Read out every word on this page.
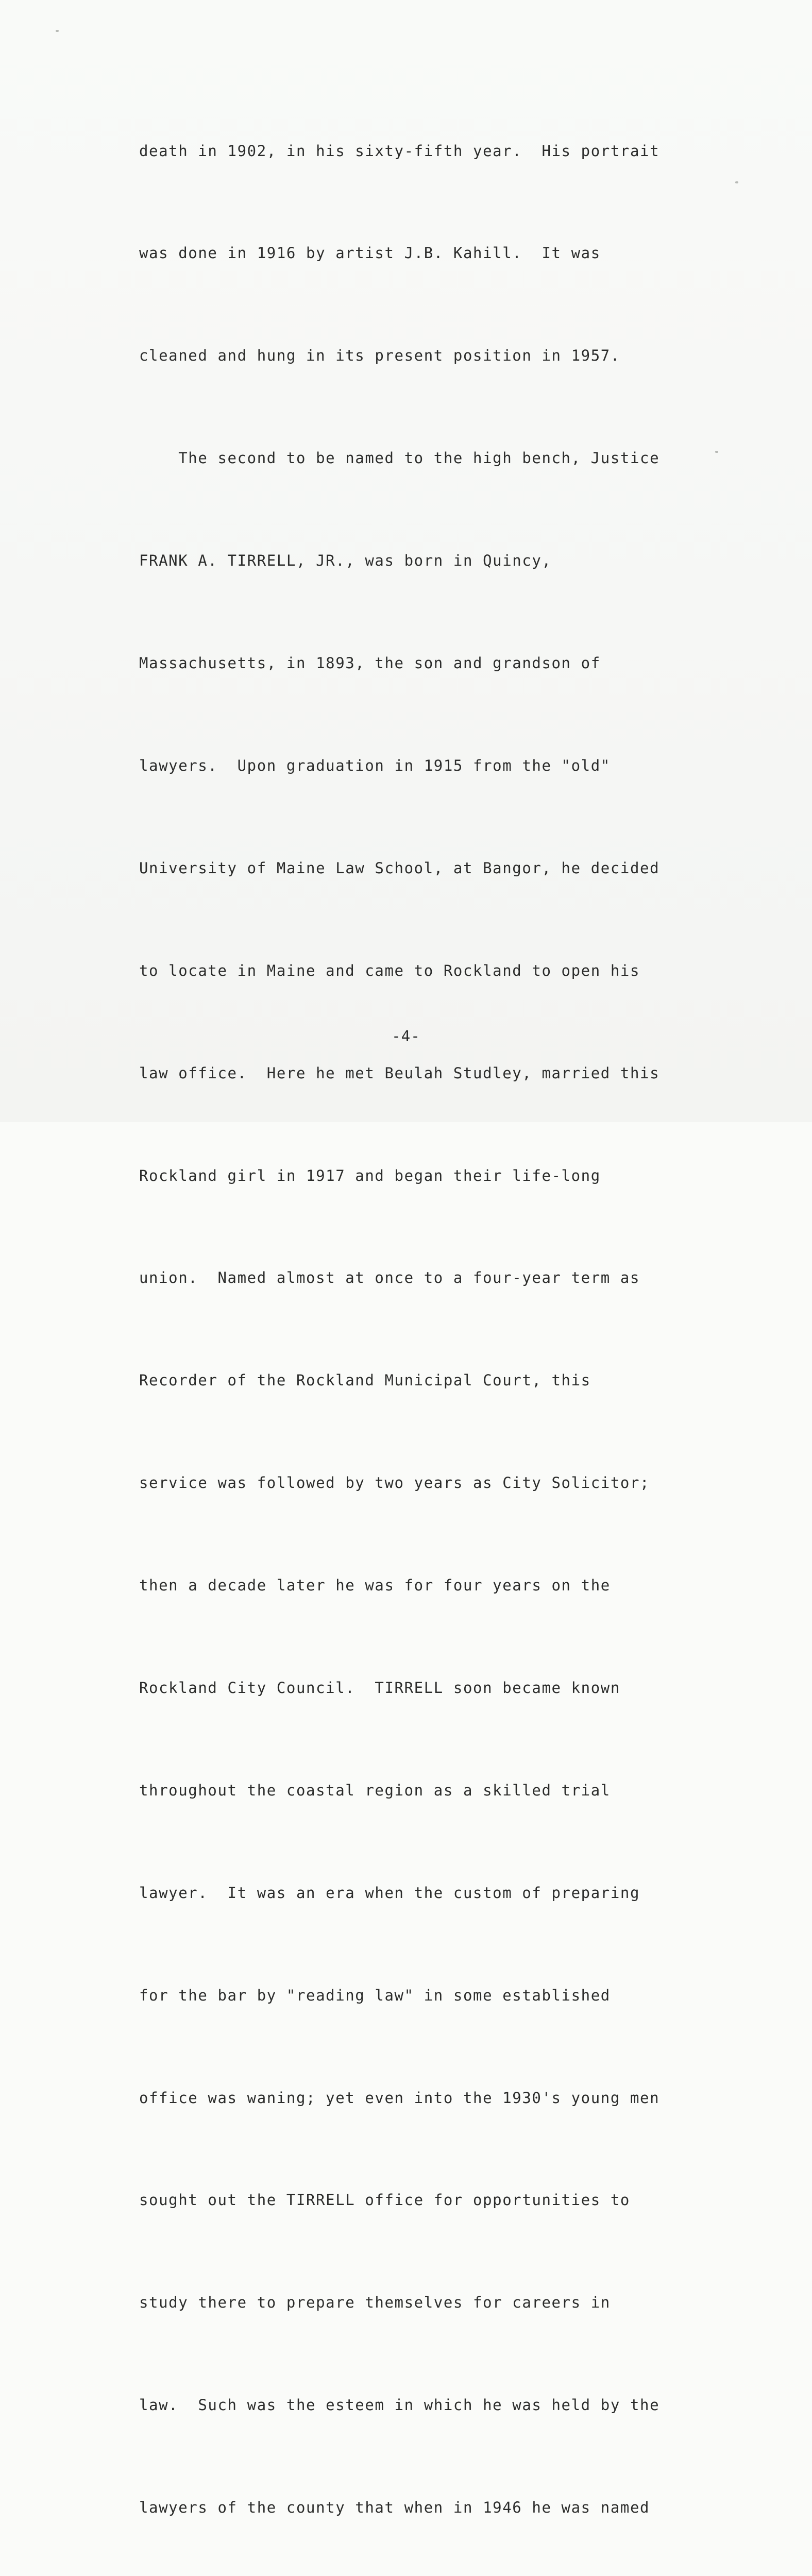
death in 1902, in his sixty-fifth year.  His portrait

was done in 1916 by artist J.B. Kahill.  It was

cleaned and hung in its present position in 1957.

The second to be named to the high bench, Justice

FRANK A. TIRRELL, JR., was born in Quincy,

Massachusetts, in 1893, the son and grandson of

lawyers.  Upon graduation in 1915 from the "old"

University of Maine Law School, at Bangor, he decided

to locate in Maine and came to Rockland to open his

law office.  Here he met Beulah Studley, married this

Rockland girl in 1917 and began their life-long

union.  Named almost at once to a four-year term as

Recorder of the Rockland Municipal Court, this

service was followed by two years as City Solicitor;

then a decade later he was for four years on the

Rockland City Council.  TIRRELL soon became known

throughout the coastal region as a skilled trial

lawyer.  It was an era when the custom of preparing

for the bar by "reading law" in some established

office was waning; yet even into the 1930's young men

sought out the TIRRELL office for opportunities to

study there to prepare themselves for careers in

law.  Such was the esteem in which he was held by the

lawyers of the county that when in 1946 he was named

-4-
